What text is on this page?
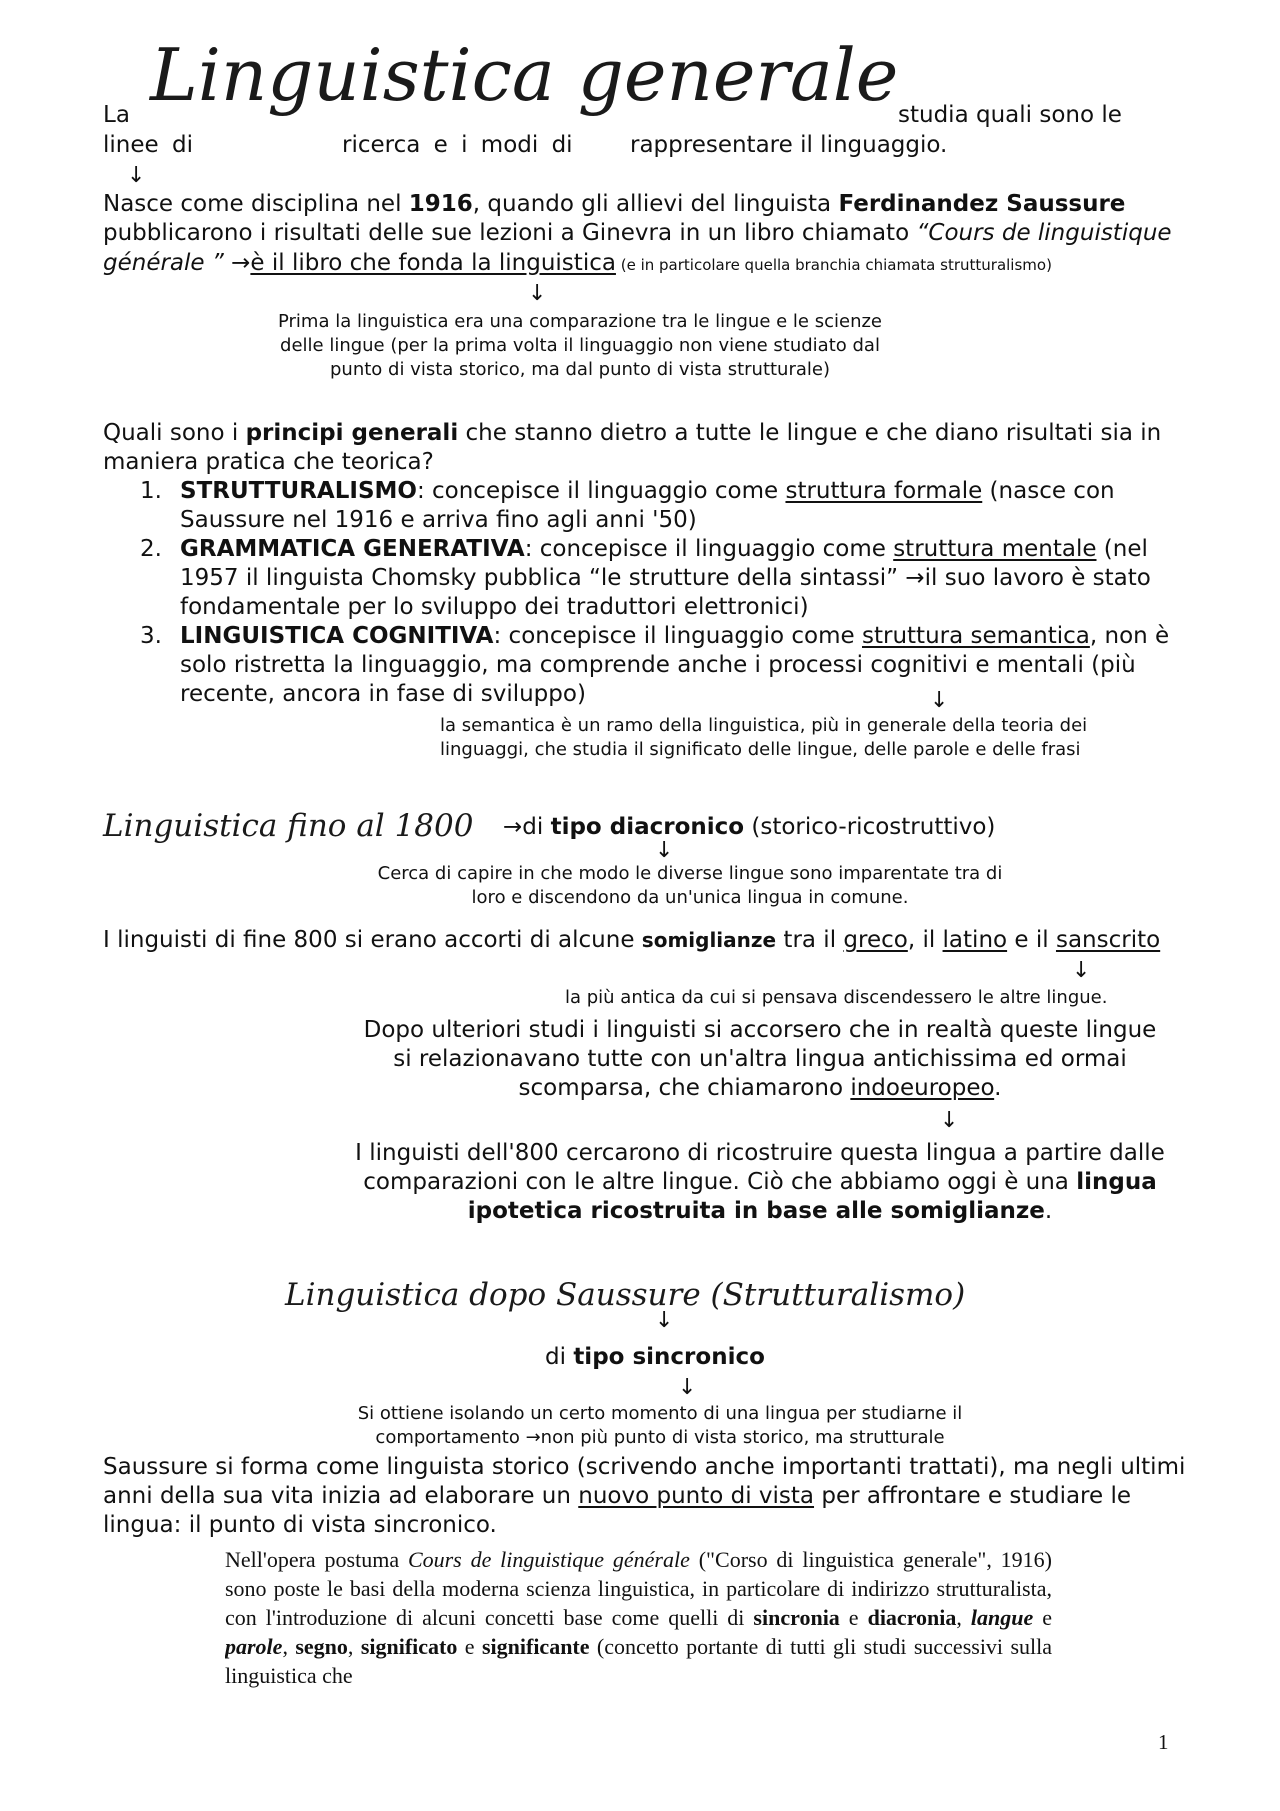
La Linguistica generale studia quali sono le
linee di	ricerca e i modi di rappresentare il linguaggio.
↓
Nasce come disciplina nel 1916, quando gli allievi del linguista Ferdinandez Saussure
pubblicarono i risultati delle sue lezioni a Ginevra in un libro chiamato “Cours de linguistique
générale ” →è il libro che fonda la linguistica (e in particolare quella branchia chiamata strutturalismo)
↓
Prima la linguistica era una comparazione tra le lingue e le scienze
delle lingue (per la prima volta il linguaggio non viene studiato dal
punto di vista storico, ma dal punto di vista strutturale)
Quali sono i principi generali che stanno dietro a tutte le lingue e che diano risultati sia in
maniera pratica che teorica?
1. STRUTTURALISMO: concepisce il linguaggio come struttura formale (nasce con
Saussure nel 1916 e arriva fino agli anni '50)
2. GRAMMATICA GENERATIVA: concepisce il linguaggio come struttura mentale (nel
1957 il linguista Chomsky pubblica “le strutture della sintassi” →il suo lavoro è stato
fondamentale per lo sviluppo dei traduttori elettronici)
3. LINGUISTICA COGNITIVA: concepisce il linguaggio come struttura semantica, non è
solo ristretta la linguaggio, ma comprende anche i processi cognitivi e mentali (più
recente, ancora in fase di sviluppo)	↓
la semantica è un ramo della linguistica, più in generale della teoria dei
linguaggi, che studia il significato delle lingue, delle parole e delle frasi
Linguistica fino al 1800 →di tipo diacronico (storico-ricostruttivo)
↓
Cerca di capire in che modo le diverse lingue sono imparentate tra di
loro e discendono da un'unica lingua in comune.
I linguisti di fine 800 si erano accorti di alcune somiglianze tra il greco, il latino e il sanscrito
↓
la più antica da cui si pensava discendessero le altre lingue.
Dopo ulteriori studi i linguisti si accorsero che in realtà queste lingue
si relazionavano tutte con un'altra lingua antichissima ed ormai
scomparsa, che chiamarono indoeuropeo.
↓
I linguisti dell'800 cercarono di ricostruire questa lingua a partire dalle
comparazioni con le altre lingue. Ciò che abbiamo oggi è una lingua
ipotetica ricostruita in base alle somiglianze.
Linguistica dopo Saussure (Strutturalismo)
↓
di tipo sincronico
↓
Si ottiene isolando un certo momento di una lingua per studiarne il
comportamento →non più punto di vista storico, ma strutturale
Saussure si forma come linguista storico (scrivendo anche importanti trattati), ma negli ultimi
anni della sua vita inizia ad elaborare un nuovo punto di vista per affrontare e studiare le
lingua: il punto di vista sincronico.
Nell'opera postuma Cours de linguistique générale ("Corso di linguistica generale", 1916) sono poste le basi della moderna scienza linguistica, in particolare di indirizzo strutturalista, con l'introduzione di alcuni concetti base come quelli di sincronia e diacronia, langue e parole, segno, significato e significante (concetto portante di tutti gli studi successivi sulla linguistica che
1
